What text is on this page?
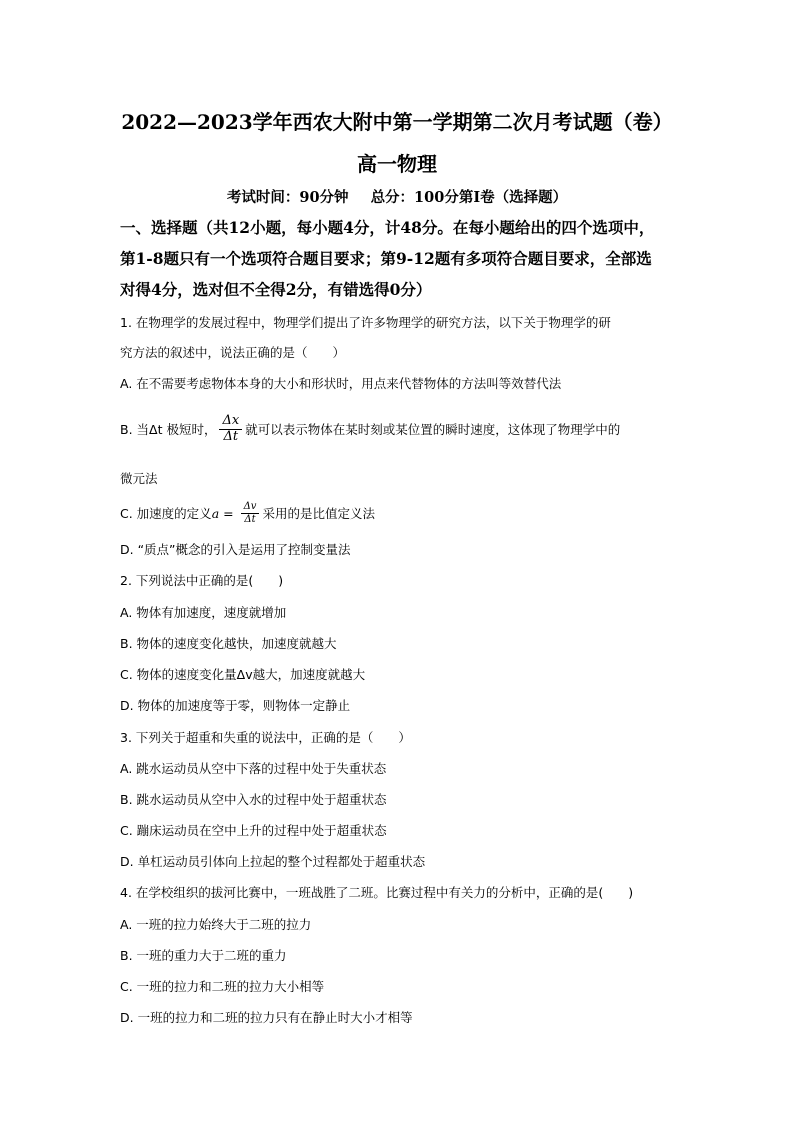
2022—2023学年西农大附中第一学期第二次月考试题（卷）
高一物理
考试时间：90分钟 总分：100分第Ⅰ卷（选择题）
一、选择题（共12小题，每小题4分，计48分。在每小题给出的四个选项中，
第1-8题只有一个选项符合题目要求；第9-12题有多项符合题目要求，全部选
对得4分，选对但不全得2分，有错选得0分）
1. 在物理学的发展过程中，物理学们提出了许多物理学的研究方法，以下关于物理学的研
究方法的叙述中，说法正确的是（　　）
A. 在不需要考虑物体本身的大小和形状时，用点来代替物体的方法叫等效替代法
B. 当Δt 极短时， $\frac{\Delta x}{\Delta t}$ 就可以表示物体在某时刻或某位置的瞬时速度，这体现了物理学中的
微元法
C. 加速度的定义 $a = \frac{\Delta v}{\Delta t}$ 采用的是比值定义法
D. “质点”概念的引入是运用了控制变量法
2. 下列说法中正确的是(　　)
A. 物体有加速度，速度就增加
B. 物体的速度变化越快，加速度就越大
C. 物体的速度变化量Δv越大，加速度就越大
D. 物体的加速度等于零，则物体一定静止
3. 下列关于超重和失重的说法中，正确的是（　　）
A. 跳水运动员从空中下落的过程中处于失重状态
B. 跳水运动员从空中入水的过程中处于超重状态
C. 蹦床运动员在空中上升的过程中处于超重状态
D. 单杠运动员引体向上拉起的整个过程都处于超重状态
4. 在学校组织的拔河比赛中，一班战胜了二班。比赛过程中有关力的分析中，正确的是(　　)
A. 一班的拉力始终大于二班的拉力
B. 一班的重力大于二班的重力
C. 一班的拉力和二班的拉力大小相等
D. 一班的拉力和二班的拉力只有在静止时大小才相等
